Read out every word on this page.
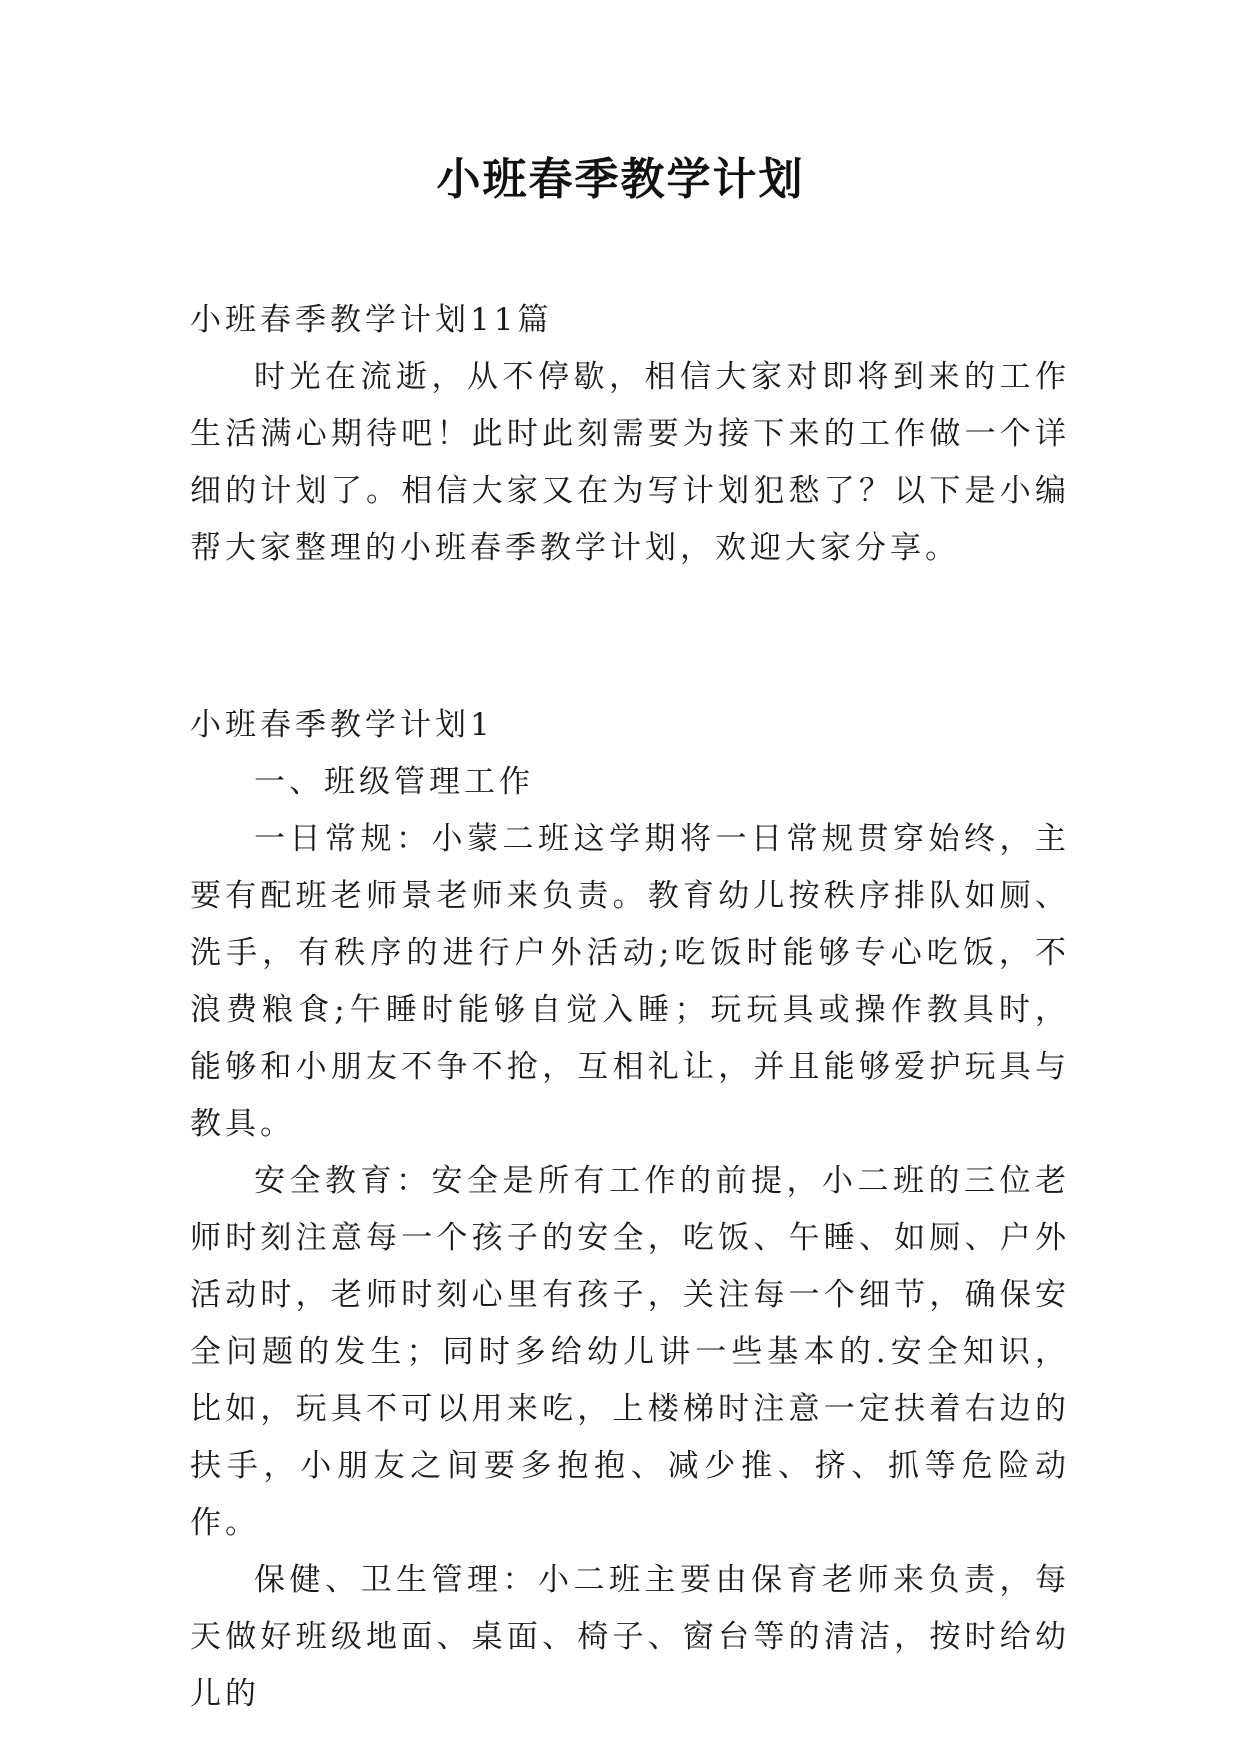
小班春季教学计划

小班春季教学计划11篇

时光在流逝，从不停歇，相信大家对即将到来的工作生活满心期待吧！此时此刻需要为接下来的工作做一个详细的计划了。相信大家又在为写计划犯愁了？以下是小编帮大家整理的小班春季教学计划，欢迎大家分享。

小班春季教学计划1

一、班级管理工作

一日常规：小蒙二班这学期将一日常规贯穿始终，主要有配班老师景老师来负责。教育幼儿按秩序排队如厕、洗手，有秩序的进行户外活动;吃饭时能够专心吃饭，不浪费粮食;午睡时能够自觉入睡；玩玩具或操作教具时，能够和小朋友不争不抢，互相礼让，并且能够爱护玩具与教具。

安全教育：安全是所有工作的前提，小二班的三位老师时刻注意每一个孩子的安全，吃饭、午睡、如厕、户外活动时，老师时刻心里有孩子，关注每一个细节，确保安全问题的发生；同时多给幼儿讲一些基本的.安全知识，比如，玩具不可以用来吃，上楼梯时注意一定扶着右边的扶手，小朋友之间要多抱抱、减少推、挤、抓等危险动作。

保健、卫生管理：小二班主要由保育老师来负责，每天做好班级地面、桌面、椅子、窗台等的清洁，按时给幼儿的
